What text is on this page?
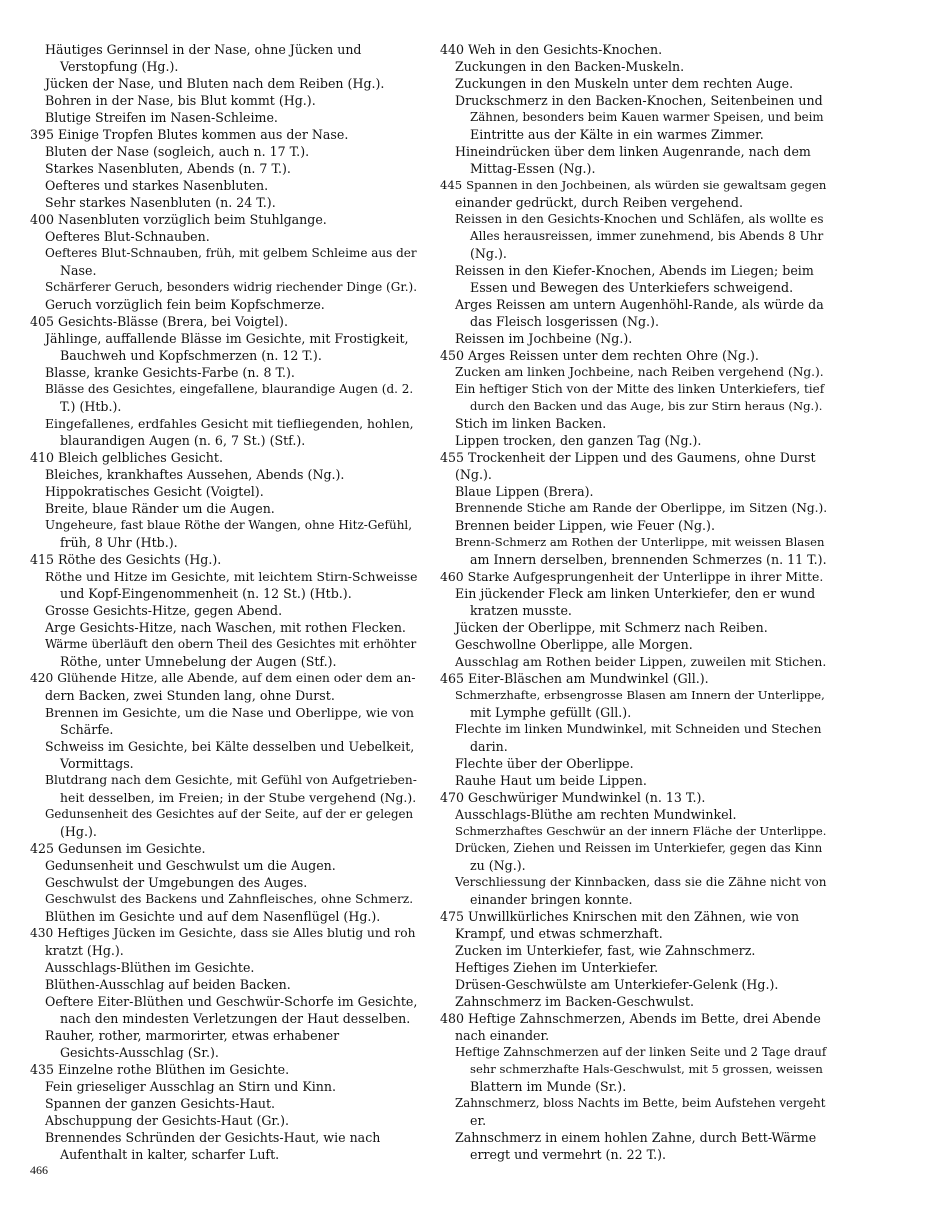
Häutiges Gerinnsel in der Nase, ohne Jücken und
Verstopfung (Hg.).
Jücken der Nase, und Bluten nach dem Reiben (Hg.).
Bohren in der Nase, bis Blut kommt (Hg.).
Blutige Streifen im Nasen-Schleime.
395 Einige Tropfen Blutes kommen aus der Nase.
Bluten der Nase (sogleich, auch n. 17 T.).
Starkes Nasenbluten, Abends (n. 7 T.).
Oefteres und starkes Nasenbluten.
Sehr starkes Nasenbluten (n. 24 T.).
400 Nasenbluten vorzüglich beim Stuhlgange.
Oefteres Blut-Schnauben.
Oefteres Blut-Schnauben, früh, mit gelbem Schleime aus der
Nase.
Schärferer Geruch, besonders widrig riechender Dinge (Gr.).
Geruch vorzüglich fein beim Kopfschmerze.
405 Gesichts-Blässe (Brera, bei Voigtel).
Jählinge, auffallende Blässe im Gesichte, mit Frostigkeit,
Bauchweh und Kopfschmerzen (n. 12 T.).
Blasse, kranke Gesichts-Farbe (n. 8 T.).
Blässe des Gesichtes, eingefallene, blaurandige Augen (d. 2.
T.) (Htb.).
Eingefallenes, erdfahles Gesicht mit tiefliegenden, hohlen,
blaurandigen Augen (n. 6, 7 St.) (Stf.).
410 Bleich gelbliches Gesicht.
Bleiches, krankhaftes Aussehen, Abends (Ng.).
Hippokratisches Gesicht (Voigtel).
Breite, blaue Ränder um die Augen.
Ungeheure, fast blaue Röthe der Wangen, ohne Hitz-Gefühl,
früh, 8 Uhr (Htb.).
415 Röthe des Gesichts (Hg.).
Röthe und Hitze im Gesichte, mit leichtem Stirn-Schweisse
und Kopf-Eingenommenheit (n. 12 St.) (Htb.).
Grosse Gesichts-Hitze, gegen Abend.
Arge Gesichts-Hitze, nach Waschen, mit rothen Flecken.
Wärme überläuft den obern Theil des Gesichtes mit erhöhter
Röthe, unter Umnebelung der Augen (Stf.).
420 Glühende Hitze, alle Abende, auf dem einen oder dem an-
dern Backen, zwei Stunden lang, ohne Durst.
Brennen im Gesichte, um die Nase und Oberlippe, wie von
Schärfe.
Schweiss im Gesichte, bei Kälte desselben und Uebelkeit,
Vormittags.
Blutdrang nach dem Gesichte, mit Gefühl von Aufgetrieben-
heit desselben, im Freien; in der Stube vergehend (Ng.).
Gedunsenheit des Gesichtes auf der Seite, auf der er gelegen
(Hg.).
425 Gedunsen im Gesichte.
Gedunsenheit und Geschwulst um die Augen.
Geschwulst der Umgebungen des Auges.
Geschwulst des Backens und Zahnfleisches, ohne Schmerz.
Blüthen im Gesichte und auf dem Nasenflügel (Hg.).
430 Heftiges Jücken im Gesichte, dass sie Alles blutig und roh
kratzt (Hg.).
Ausschlags-Blüthen im Gesichte.
Blüthen-Ausschlag auf beiden Backen.
Oeftere Eiter-Blüthen und Geschwür-Schorfe im Gesichte,
nach den mindesten Verletzungen der Haut desselben.
Rauher, rother, marmorirter, etwas erhabener
Gesichts-Ausschlag (Sr.).
435 Einzelne rothe Blüthen im Gesichte.
Fein grieseliger Ausschlag an Stirn und Kinn.
Spannen der ganzen Gesichts-Haut.
Abschuppung der Gesichts-Haut (Gr.).
Brennendes Schründen der Gesichts-Haut, wie nach
Aufenthalt in kalter, scharfer Luft.
440 Weh in den Gesichts-Knochen.
Zuckungen in den Backen-Muskeln.
Zuckungen in den Muskeln unter dem rechten Auge.
Druckschmerz in den Backen-Knochen, Seitenbeinen und
Zähnen, besonders beim Kauen warmer Speisen, und beim
Eintritte aus der Kälte in ein warmes Zimmer.
Hineindrücken über dem linken Augenrande, nach dem
Mittag-Essen (Ng.).
445 Spannen in den Jochbeinen, als würden sie gewaltsam gegen
einander gedrückt, durch Reiben vergehend.
Reissen in den Gesichts-Knochen und Schläfen, als wollte es
Alles herausreissen, immer zunehmend, bis Abends 8 Uhr
(Ng.).
Reissen in den Kiefer-Knochen, Abends im Liegen; beim
Essen und Bewegen des Unterkiefers schweigend.
Arges Reissen am untern Augenhöhl-Rande, als würde da
das Fleisch losgerissen (Ng.).
Reissen im Jochbeine (Ng.).
450 Arges Reissen unter dem rechten Ohre (Ng.).
Zucken am linken Jochbeine, nach Reiben vergehend (Ng.).
Ein heftiger Stich von der Mitte des linken Unterkiefers, tief
durch den Backen und das Auge, bis zur Stirn heraus (Ng.).
Stich im linken Backen.
Lippen trocken, den ganzen Tag (Ng.).
455 Trockenheit der Lippen und des Gaumens, ohne Durst
(Ng.).
Blaue Lippen (Brera).
Brennende Stiche am Rande der Oberlippe, im Sitzen (Ng.).
Brennen beider Lippen, wie Feuer (Ng.).
Brenn-Schmerz am Rothen der Unterlippe, mit weissen Blasen
am Innern derselben, brennenden Schmerzes (n. 11 T.).
460 Starke Aufgesprungenheit der Unterlippe in ihrer Mitte.
Ein jückender Fleck am linken Unterkiefer, den er wund
kratzen musste.
Jücken der Oberlippe, mit Schmerz nach Reiben.
Geschwollne Oberlippe, alle Morgen.
Ausschlag am Rothen beider Lippen, zuweilen mit Stichen.
465 Eiter-Bläschen am Mundwinkel (Gll.).
Schmerzhafte, erbsengrosse Blasen am Innern der Unterlippe,
mit Lymphe gefüllt (Gll.).
Flechte im linken Mundwinkel, mit Schneiden und Stechen
darin.
Flechte über der Oberlippe.
Rauhe Haut um beide Lippen.
470 Geschwüriger Mundwinkel (n. 13 T.).
Ausschlags-Blüthe am rechten Mundwinkel.
Schmerzhaftes Geschwür an der innern Fläche der Unterlippe.
Drücken, Ziehen und Reissen im Unterkiefer, gegen das Kinn
zu (Ng.).
Verschliessung der Kinnbacken, dass sie die Zähne nicht von
einander bringen konnte.
475 Unwillkürliches Knirschen mit den Zähnen, wie von
Krampf, und etwas schmerzhaft.
Zucken im Unterkiefer, fast, wie Zahnschmerz.
Heftiges Ziehen im Unterkiefer.
Drüsen-Geschwülste am Unterkiefer-Gelenk (Hg.).
Zahnschmerz im Backen-Geschwulst.
480 Heftige Zahnschmerzen, Abends im Bette, drei Abende
nach einander.
Heftige Zahnschmerzen auf der linken Seite und 2 Tage drauf
sehr schmerzhafte Hals-Geschwulst, mit 5 grossen, weissen
Blattern im Munde (Sr.).
Zahnschmerz, bloss Nachts im Bette, beim Aufstehen vergeht
er.
Zahnschmerz in einem hohlen Zahne, durch Bett-Wärme
erregt und vermehrt (n. 22 T.).
466
